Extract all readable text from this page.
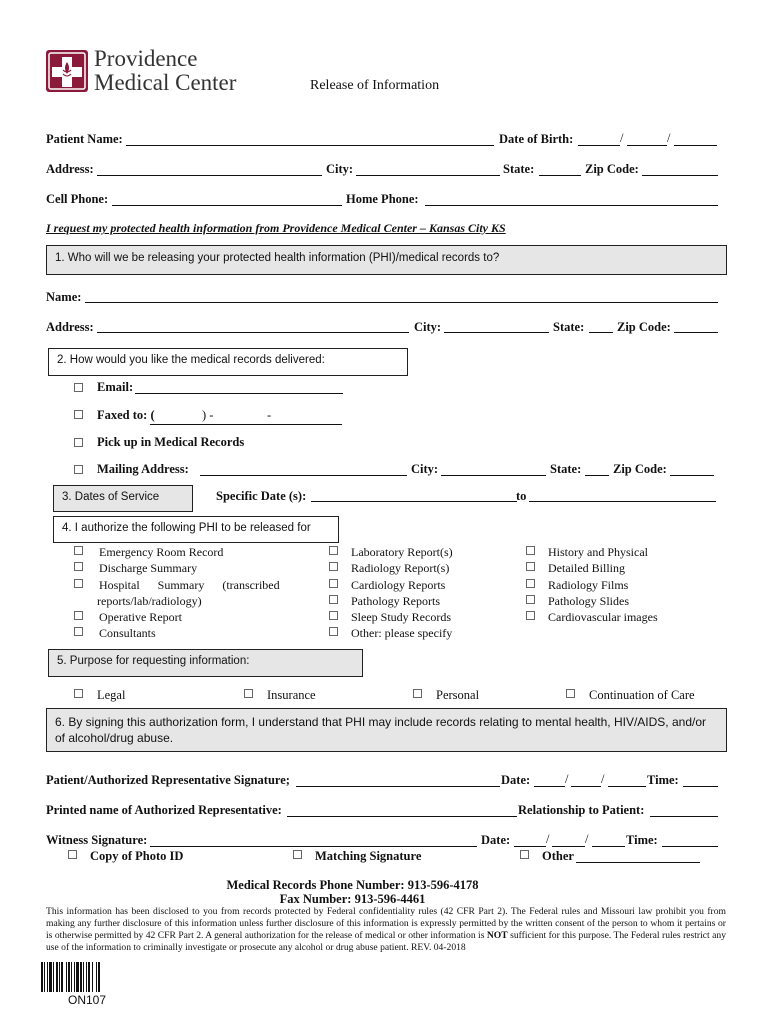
Providence
Medical Center	Release of Information
Patient Name:	Date of Birth:	/	/
Address:	City:	State:	Zip Code:
Cell Phone:	Home Phone:
I request my protected health information from Providence Medical Center – Kansas City KS
1. Who will we be releasing your protected health information (PHI)/medical records to?
Name:
Address:	City:	State:	Zip Code:
2. How would you like the medical records delivered:
Email:
Faxed to: (	) -	-
Pick up in Medical Records
Mailing Address:	City:	State:	Zip Code:
3. Dates of Service	Specific Date (s):	to
4. I authorize the following PHI to be released for
Emergency Room Record
Discharge Summary
Hospital      Summary      (transcribed
reports/lab/radiology)
Operative Report
Consultants
Laboratory Report(s)
Radiology Report(s)
Cardiology Reports
Pathology Reports
Sleep Study Records
Other: please specify
History and Physical
Detailed Billing
Radiology Films
Pathology Slides
Cardiovascular images
5. Purpose for requesting information:
Legal	Insurance	Personal	Continuation of Care
6. By signing this authorization form, I understand that PHI may include records relating to mental health, HIV/AIDS, and/or of alcohol/drug abuse.
Patient/Authorized Representative Signature;	Date:	/	/	Time:
Printed name of Authorized Representative:	Relationship to Patient:
Witness Signature:	Date:	/	/	Time:
Copy of Photo ID	Matching Signature	Other
Medical Records Phone Number: 913-596-4178
Fax Number: 913-596-4461
This information has been disclosed to you from records protected by Federal confidentiality rules (42 CFR Part 2). The Federal rules and Missouri law prohibit you from making any further disclosure of this information unless further disclosure of this information is expressly permitted by the written consent of the person to whom it pertains or is otherwise permitted by 42 CFR Part 2. A general authorization for the release of medical or other information is NOT sufficient for this purpose. The Federal rules restrict any use of the information to criminally investigate or prosecute any alcohol or drug abuse patient. REV. 04-2018
ON107
